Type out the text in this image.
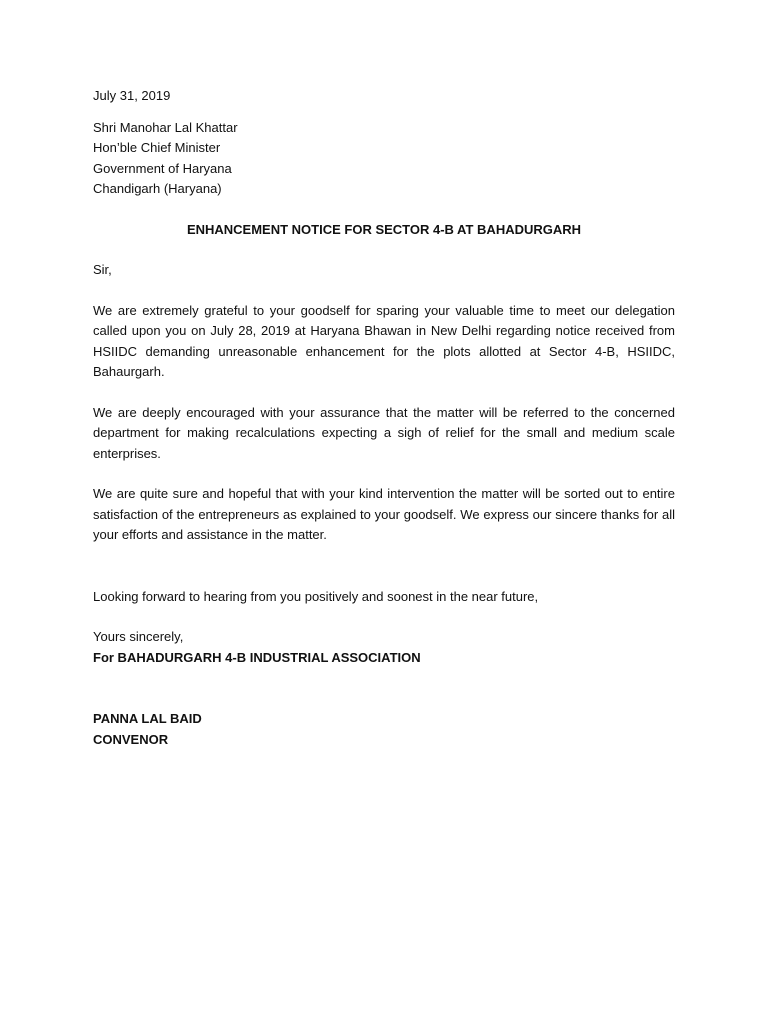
July 31, 2019
Shri Manohar Lal Khattar
Hon’ble Chief Minister
Government of Haryana
Chandigarh (Haryana)
ENHANCEMENT NOTICE FOR SECTOR 4-B AT BAHADURGARH
Sir,
We are extremely grateful to your goodself for sparing your valuable time to meet our delegation called upon you on July 28, 2019 at Haryana Bhawan in New Delhi regarding notice received from HSIIDC demanding unreasonable enhancement for the plots allotted at Sector 4-B, HSIIDC, Bahaurgarh.
We are deeply encouraged with your assurance that the matter will be referred to the concerned department for making recalculations expecting a sigh of relief for the small and medium scale enterprises.
We are quite sure and hopeful that with your kind intervention the matter will be sorted out to entire satisfaction of the entrepreneurs as explained to your goodself. We express our sincere thanks for all your efforts and assistance in the matter.
Looking forward to hearing from you positively and soonest in the near future,
Yours sincerely,
For BAHADURGARH 4-B INDUSTRIAL ASSOCIATION
PANNA LAL BAID
CONVENOR
